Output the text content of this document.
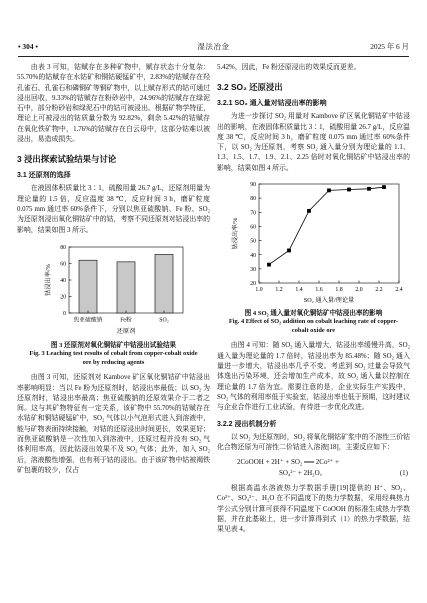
• 304 •	湿法冶金	2025 年 6 月

由表 3 可知，钴赋存在多种矿物中，赋存状态十分复杂：55.70%的钴赋存在水钴矿和铜钴硬锰矿中，2.83%的钴赋存在羟孔雀石、孔雀石和磷铜矿等铜矿物中，以上赋存形式的钴可通过浸出回收，9.33%的钴赋存在粉砂岩中，24.96%的钴赋存在绿泥石中，部分粉砂岩和绿泥石中的钴可被浸出。根据矿物学特征，理论上可被浸出的钴质量分数为 92.82%，剩余 5.42%的钴赋存在氧化铁矿物中，1.76%的钴赋存在白云母中，这部分钴难以被浸出，易造成损失。

3 浸出探索试验结果与讨论
3.1 还原剂的选择

在液固体积质量比 3∶1，硫酸用量 26.7 g/L，还原剂用量为理论量的 1.5 倍，反应温度 38 ℃，反应时间 3 h，磨矿粒度 0.075 mm 通过率 60%条件下，分别以焦亚硫酸钠、Fe 粉、SO₂ 为还原剂浸出氧化铜钴矿中的钴，考察不同还原剂对钴浸出率的影响，结果如图 3 所示。

0
20
40
60
80
焦亚硫酸钠	Fe粉	SO₂
还原剂
钴浸出率/%
图 3 还原剂对氧化铜钴矿中钴浸出试验结果
Fig. 3 Leaching test results of cobalt from copper-cobalt oxide ore by reducing agents

由图 3 可知，还原剂对 Kambove 矿区氧化铜钴矿中钴浸出率影响明显：当以 Fe 粉为还原剂时，钴浸出率最低；以 SO₂ 为还原剂时，钴浸出率最高；焦亚硫酸钠的还原效果介于二者之间。这与其矿物特征有一定关系，该矿物中 55.70%的钴赋存在水钴矿和铜钴硬锰矿中，SO₂ 气体以小气泡形式进入到溶液中，能与矿物表面持续接触，对钴的还原浸出时间更长，效果更好；而焦亚硫酸钠是一次性加入到溶液中，还原过程并没有 SO₂ 气体利用率高，因此钴浸出效果不及 SO₂ 气体；此外，加入 SO₂ 后，溶液酸性增强，也有利于钴的浸出。由于该矿物中钴被褐铁矿包裹的较少，仅占

5.42%，因此，Fe 粉还原浸出的效果反而更差。

3.2 SO₂ 还原浸出
3.2.1 SO₂ 通入量对钴浸出率的影响

为进一步探讨 SO₂ 用量对 Kambove 矿区氧化铜钴矿中钴浸出的影响，在液固体积质量比 3∶1，硫酸用量 26.7 g/L，反应温度 38 ℃，反应时间 3 h，磨矿粒度 0.075 mm 通过率 60%条件下，以 SO₂ 为还原剂，考察 SO₂ 通入量分别为理论量的 1.1、1.3、1.5、1.7、1.9、2.1、2.25 倍时对氧化铜钴矿中钴浸出率的影响，结果如图 4 所示。

20
30
40
50
60
70
80
90
1.0 1.2 1.4 1.6 1.8 2.0 2.2 2.4
SO₂ 通入量/理论量
钴浸出率/%
图 4 SO₂ 通入量对氧化铜钴矿中钴浸出率的影响
Fig. 4 Effect of SO₂ addition on cobalt leaching rate of copper-cobalt oxide ore

由图 4 可知：随 SO₂ 通入量增大，钴浸出率缓慢升高，SO₂ 通入量为理论量的 1.7 倍时，钴浸出率为 85.48%；随 SO₂ 通入量进一步增大，钴浸出率几乎不变。考虑到 SO₂ 过量会导致气体逸出污染环境，还会增加生产成本，故 SO₂ 通入量以控制在理论量的 1.7 倍为宜。需要注意的是，企业实际生产实践中，SO₂ 气体的利用率低于实验室，钴浸出率也低于预期，这时建议与企业合作进行工业试验，有待进一步优化改进。

3.2.2 浸出机制分析

以 SO₂ 为还原剂时，SO₂ 将氧化铜钴矿浆中的不溶性三价钴化合物还原为可溶性二价钴进入溶液[18]，主要反应如下：

2CoOOH + 2H⁺ + SO₂ ══ 2Co²⁺ +
SO₄²⁻ + 2H₂O。	(1)

根据高温水溶液热力学数据手册[19]提供的 H⁺、SO₂、Co²⁺、SO₄²⁻、H₂O 在不同温度下的热力学数据，采用经典热力学公式分别计算可获得不同温度下 CoOOH 的标准生成热力学数据，并在此基础上，进一步计算得到式（1）的热力学数据，结果见表 4。
